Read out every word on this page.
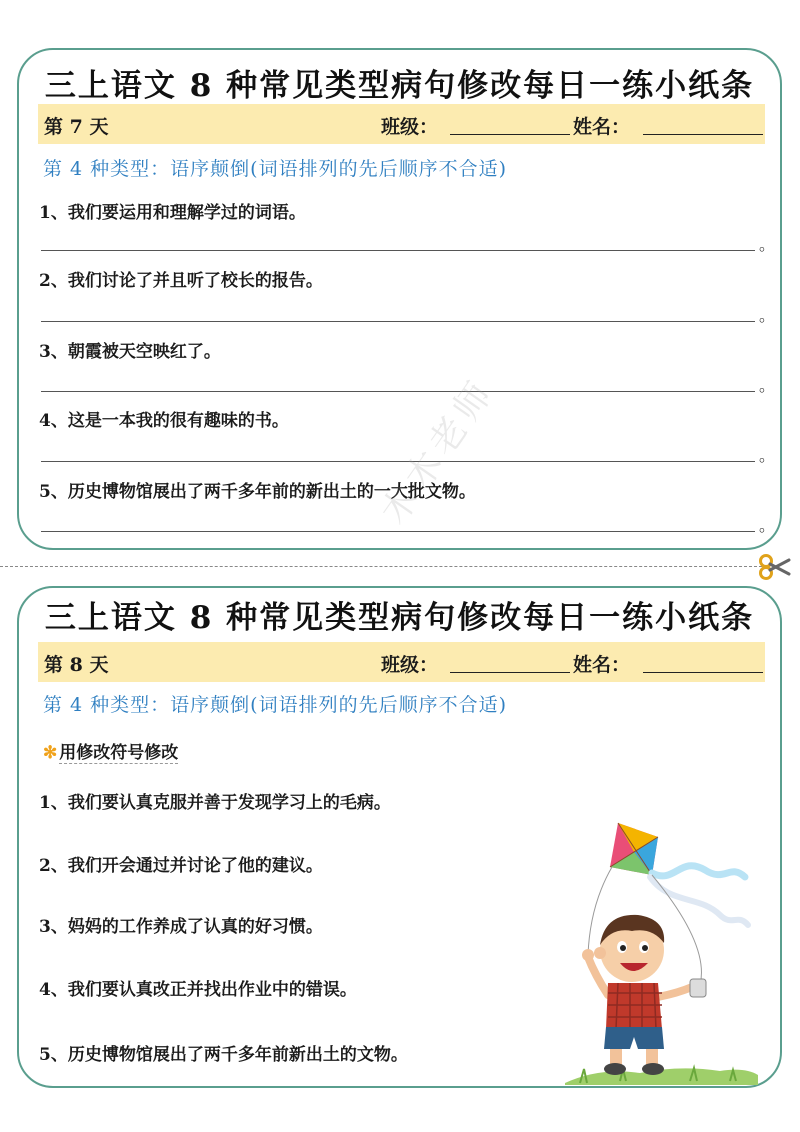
三上语文 8 种常见类型病句修改每日一练小纸条
第 7 天	班级：	姓名：
第 4 种类型：语序颠倒(词语排列的先后顺序不合适)
1、我们要运用和理解学过的词语。
。
2、我们讨论了并且听了校长的报告。
。
3、朝霞被天空映红了。
。
4、这是一本我的很有趣味的书。
。
5、历史博物馆展出了两千多年前的新出土的一大批文物。
。
木木老师
三上语文 8 种常见类型病句修改每日一练小纸条
第 8 天	班级：	姓名：
第 4 种类型：语序颠倒(词语排列的先后顺序不合适)
✻ 用修改符号修改
1、我们要认真克服并善于发现学习上的毛病。
2、我们开会通过并讨论了他的建议。
3、妈妈的工作养成了认真的好习惯。
4、我们要认真改正并找出作业中的错误。
5、历史博物馆展出了两千多年前新出土的文物。
